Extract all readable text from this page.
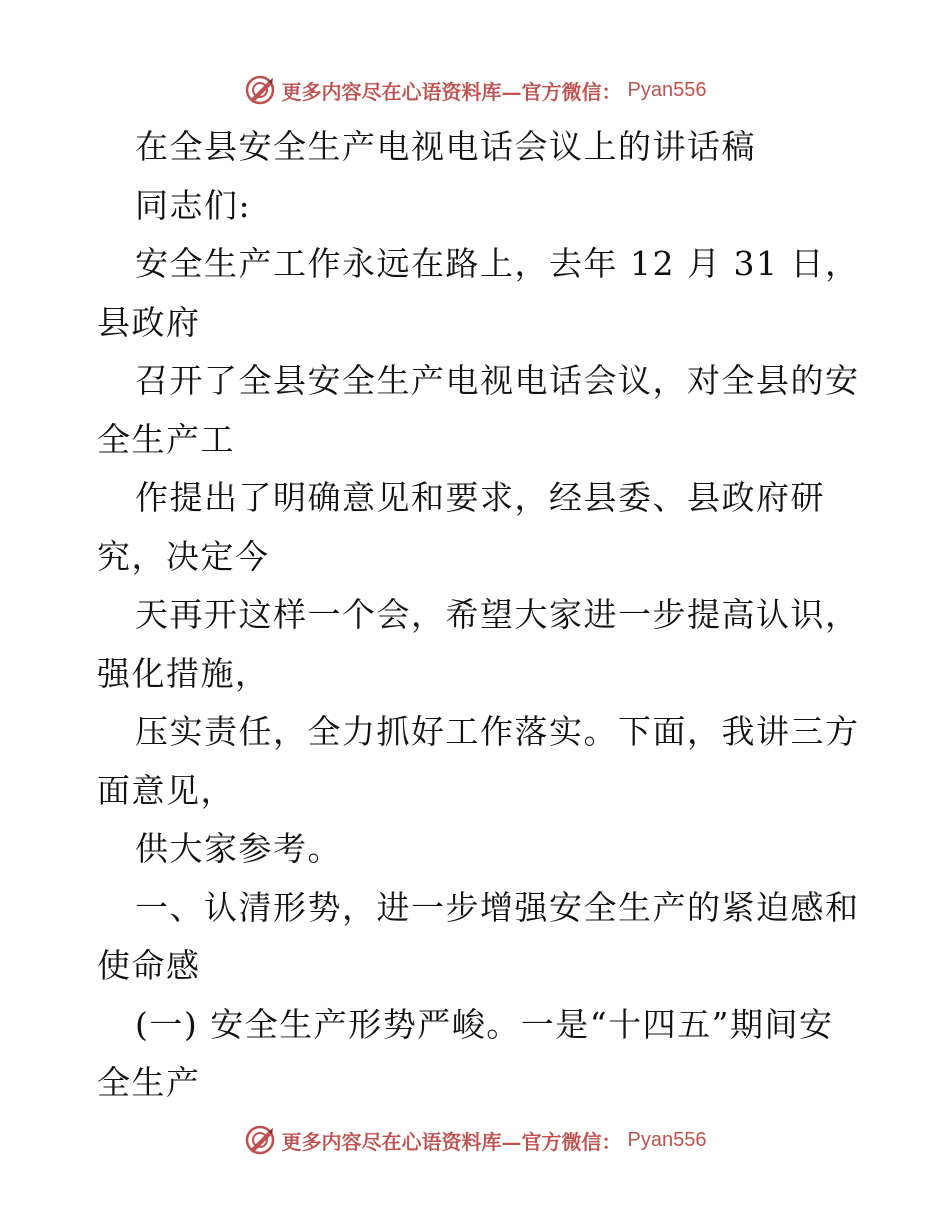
更多内容尽在心语资料库—官方微信： Pyan556
在全县安全生产电视电话会议上的讲话稿
同志们:
安全生产工作永远在路上，去年 12 月 31 日，
县政府
召开了全县安全生产电视电话会议，对全县的安
全生产工
作提出了明确意见和要求，经县委、县政府研
究，决定今
天再开这样一个会，希望大家进一步提高认识，
强化措施，
压实责任，全力抓好工作落实。下面，我讲三方
面意见，
供大家参考。
一、认清形势，进一步增强安全生产的紧迫感和
使命感
(一) 安全生产形势严峻。一是“十四五”期间安
全生产
更多内容尽在心语资料库—官方微信： Pyan556
